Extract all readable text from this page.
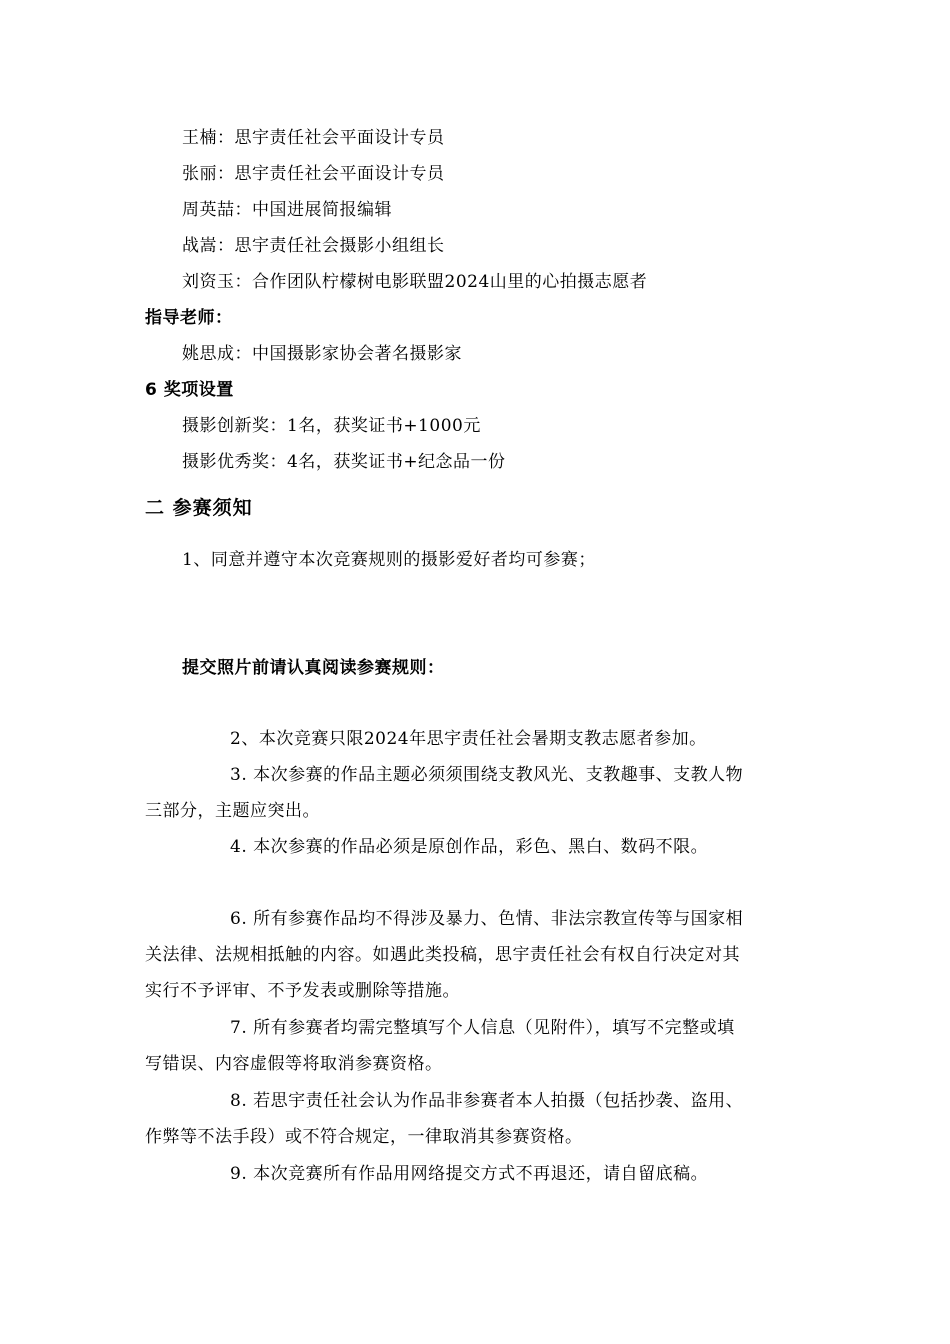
王楠：思宇责任社会平面设计专员
张丽：思宇责任社会平面设计专员
周英喆：中国进展简报编辑
战嵩：思宇责任社会摄影小组组长
刘资玉：合作团队柠檬树电影联盟2024山里的心拍摄志愿者
指导老师：
姚思成：中国摄影家协会著名摄影家
6 奖项设置
摄影创新奖：1名，获奖证书+1000元
摄影优秀奖：4名，获奖证书+纪念品一份
二 参赛须知
1、同意并遵守本次竞赛规则的摄影爱好者均可参赛；
提交照片前请认真阅读参赛规则：
2、本次竞赛只限2024年思宇责任社会暑期支教志愿者参加。
3. 本次参赛的作品主题必须须围绕支教风光、支教趣事、支教人物
三部分，主题应突出。
4. 本次参赛的作品必须是原创作品，彩色、黑白、数码不限。
6. 所有参赛作品均不得涉及暴力、色情、非法宗教宣传等与国家相
关法律、法规相抵触的内容。如遇此类投稿，思宇责任社会有权自行决定对其
实行不予评审、不予发表或删除等措施。
7. 所有参赛者均需完整填写个人信息（见附件），填写不完整或填
写错误、内容虚假等将取消参赛资格。
8. 若思宇责任社会认为作品非参赛者本人拍摄（包括抄袭、盗用、
作弊等不法手段）或不符合规定，一律取消其参赛资格。
9. 本次竞赛所有作品用网络提交方式不再退还，请自留底稿。
